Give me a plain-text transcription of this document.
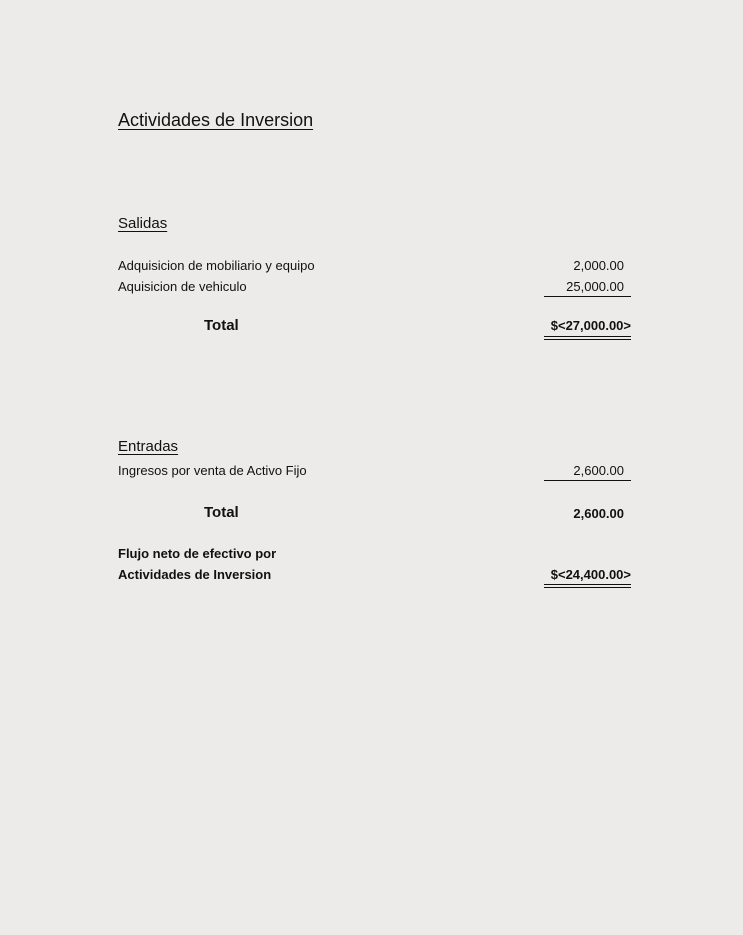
Actividades de Inversion
Salidas
Adquisicion de mobiliario y equipo	2,000.00
Aquisicion de vehiculo	25,000.00
Total	$<27,000.00>
Entradas
Ingresos por venta de Activo Fijo	2,600.00
Total	2,600.00
Flujo neto de efectivo por
Actividades de Inversion	$<24,400.00>
